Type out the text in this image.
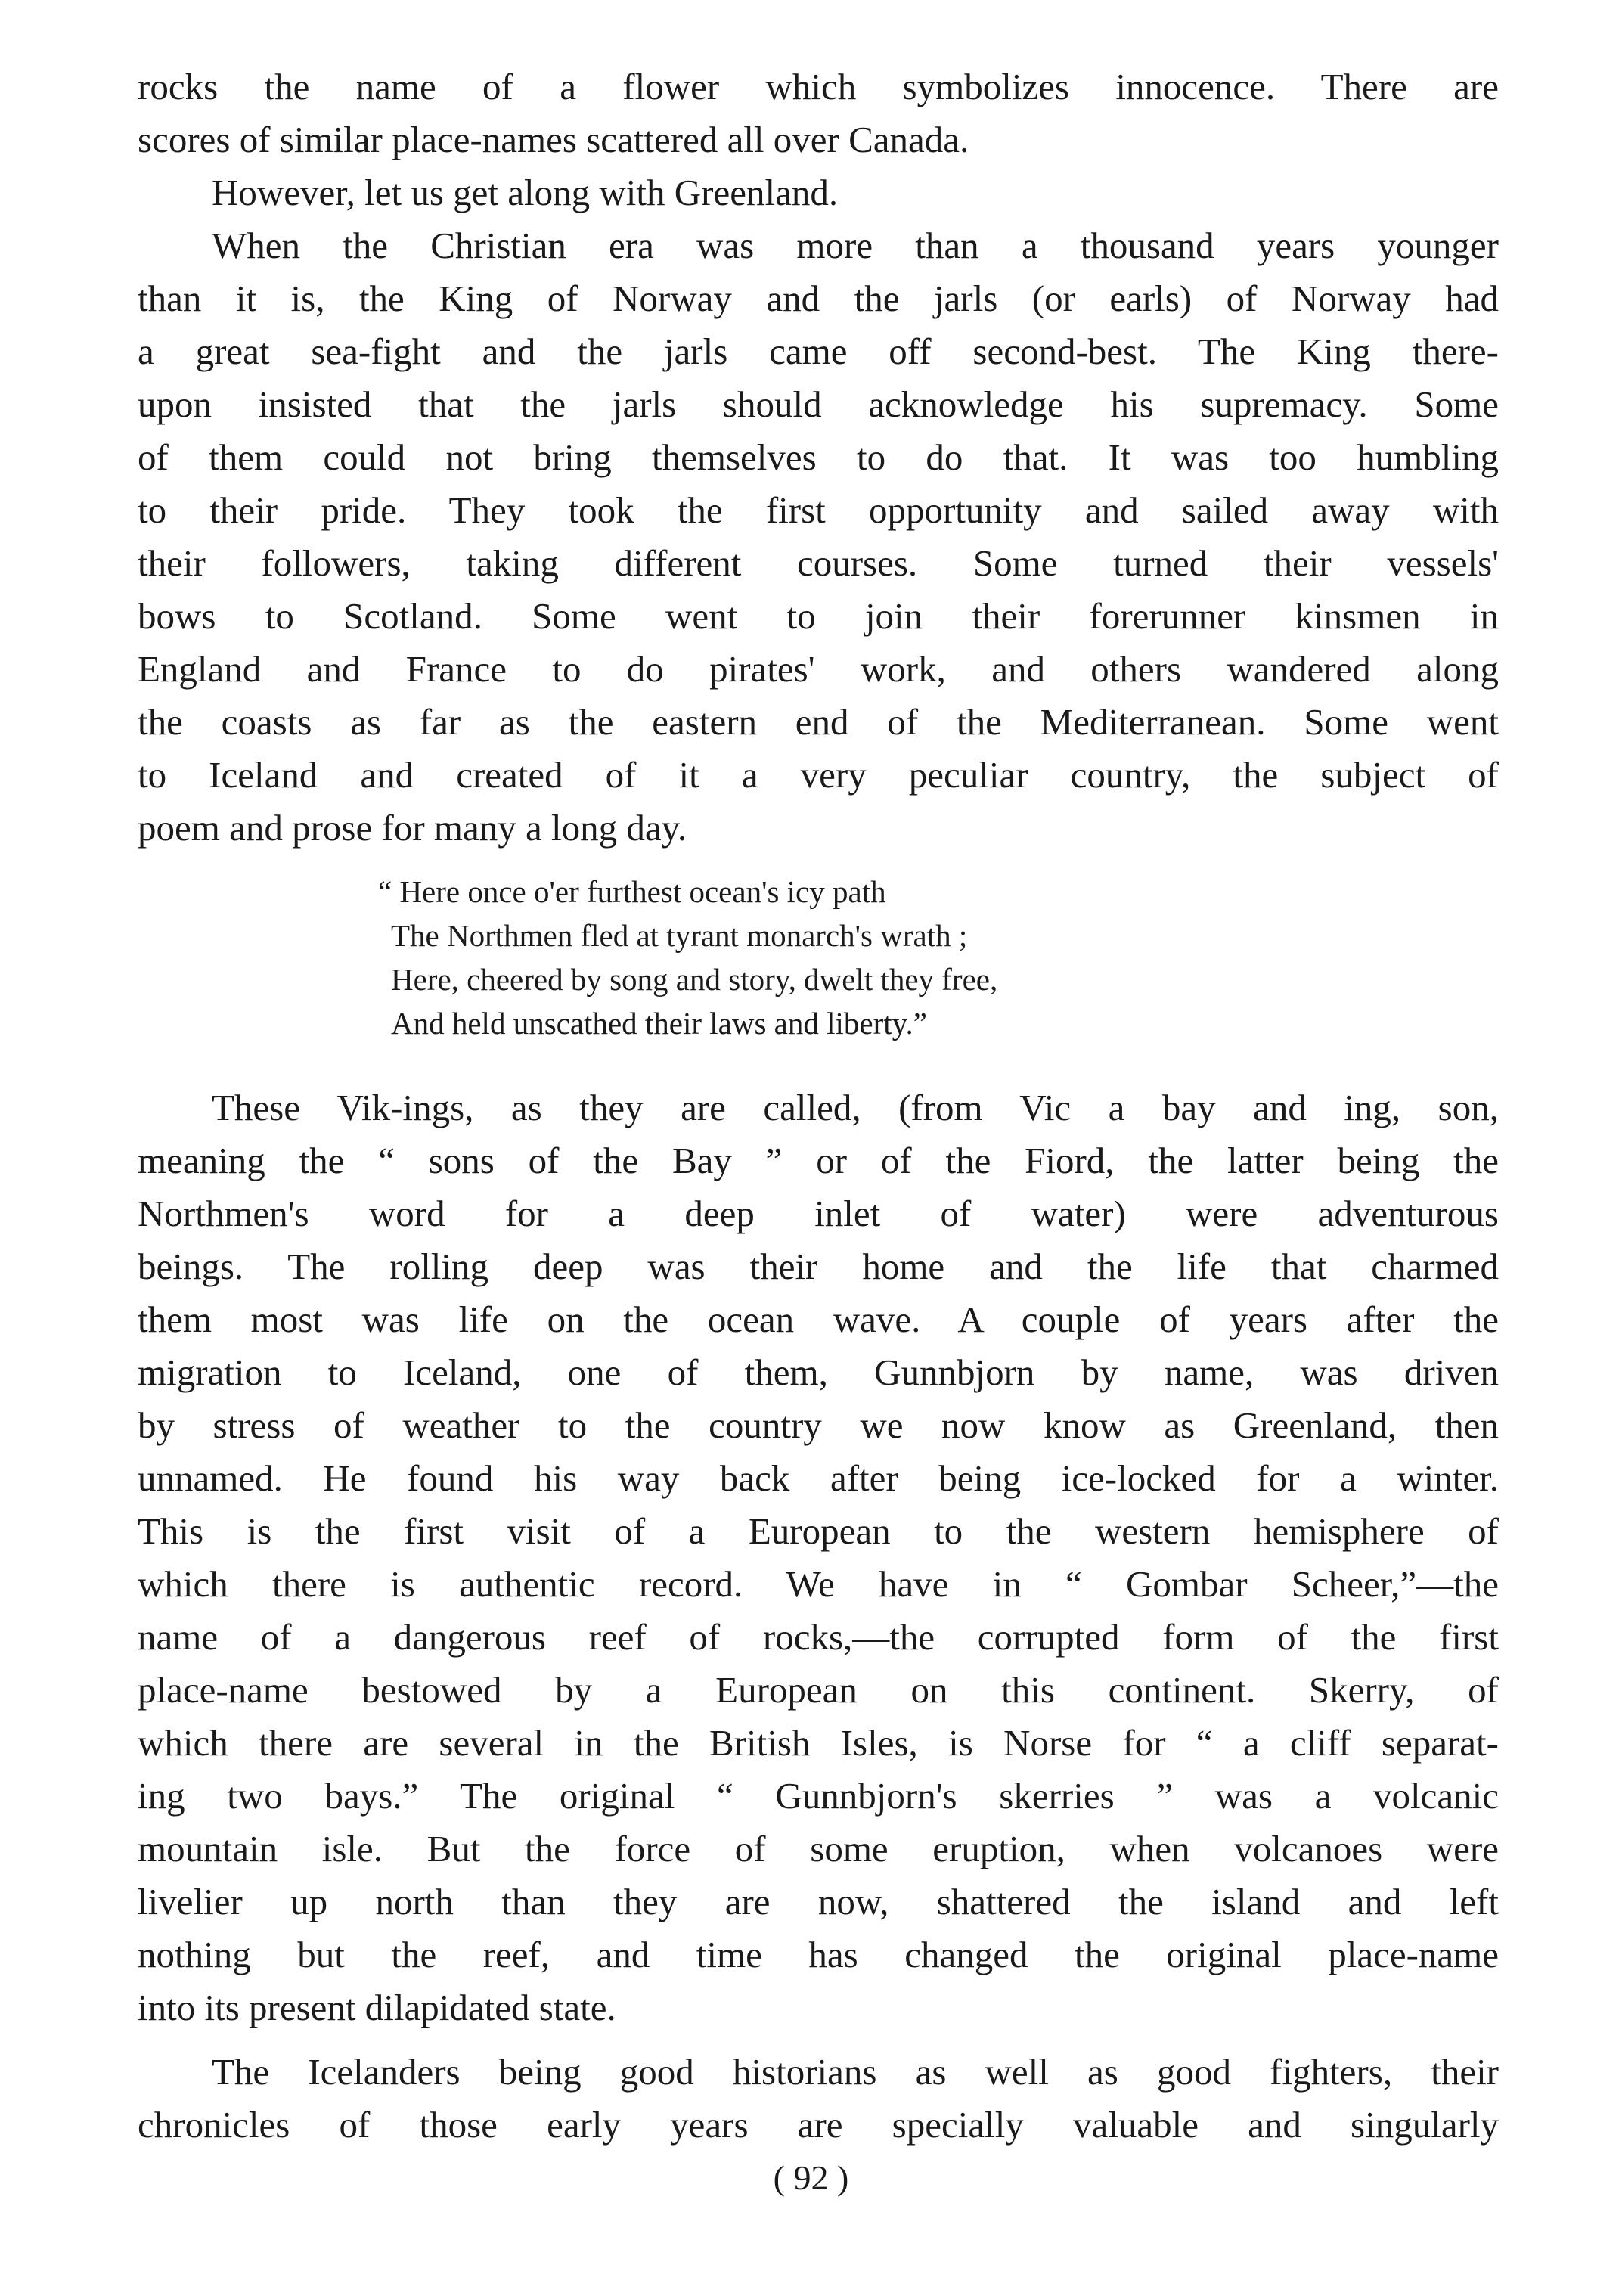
rocks the name of a flower which symbolizes innocence. There are
scores of similar place-names scattered all over Canada.
However, let us get along with Greenland.
When the Christian era was more than a thousand years younger
than it is, the King of Norway and the jarls (or earls) of Norway had
a great sea-fight and the jarls came off second-best. The King there-
upon insisted that the jarls should acknowledge his supremacy. Some
of them could not bring themselves to do that. It was too humbling
to their pride. They took the first opportunity and sailed away with
their followers, taking different courses. Some turned their vessels'
bows to Scotland. Some went to join their forerunner kinsmen in
England and France to do pirates' work, and others wandered along
the coasts as far as the eastern end of the Mediterranean. Some went
to Iceland and created of it a very peculiar country, the subject of
poem and prose for many a long day.
“ Here once o'er furthest ocean's icy path
The Northmen fled at tyrant monarch's wrath ;
Here, cheered by song and story, dwelt they free,
And held unscathed their laws and liberty.”
These Vik-ings, as they are called, (from Vic a bay and ing, son,
meaning the “ sons of the Bay ” or of the Fiord, the latter being the
Northmen's word for a deep inlet of water) were adventurous
beings. The rolling deep was their home and the life that charmed
them most was life on the ocean wave. A couple of years after the
migration to Iceland, one of them, Gunnbjorn by name, was driven
by stress of weather to the country we now know as Greenland, then
unnamed. He found his way back after being ice-locked for a winter.
This is the first visit of a European to the western hemisphere of
which there is authentic record. We have in “ Gombar Scheer,”—the
name of a dangerous reef of rocks,—the corrupted form of the first
place-name bestowed by a European on this continent. Skerry, of
which there are several in the British Isles, is Norse for “ a cliff separat-
ing two bays.” The original “ Gunnbjorn's skerries ” was a volcanic
mountain isle. But the force of some eruption, when volcanoes were
livelier up north than they are now, shattered the island and left
nothing but the reef, and time has changed the original place-name
into its present dilapidated state.
The Icelanders being good historians as well as good fighters, their
chronicles of those early years are specially valuable and singularly
( 92 )
